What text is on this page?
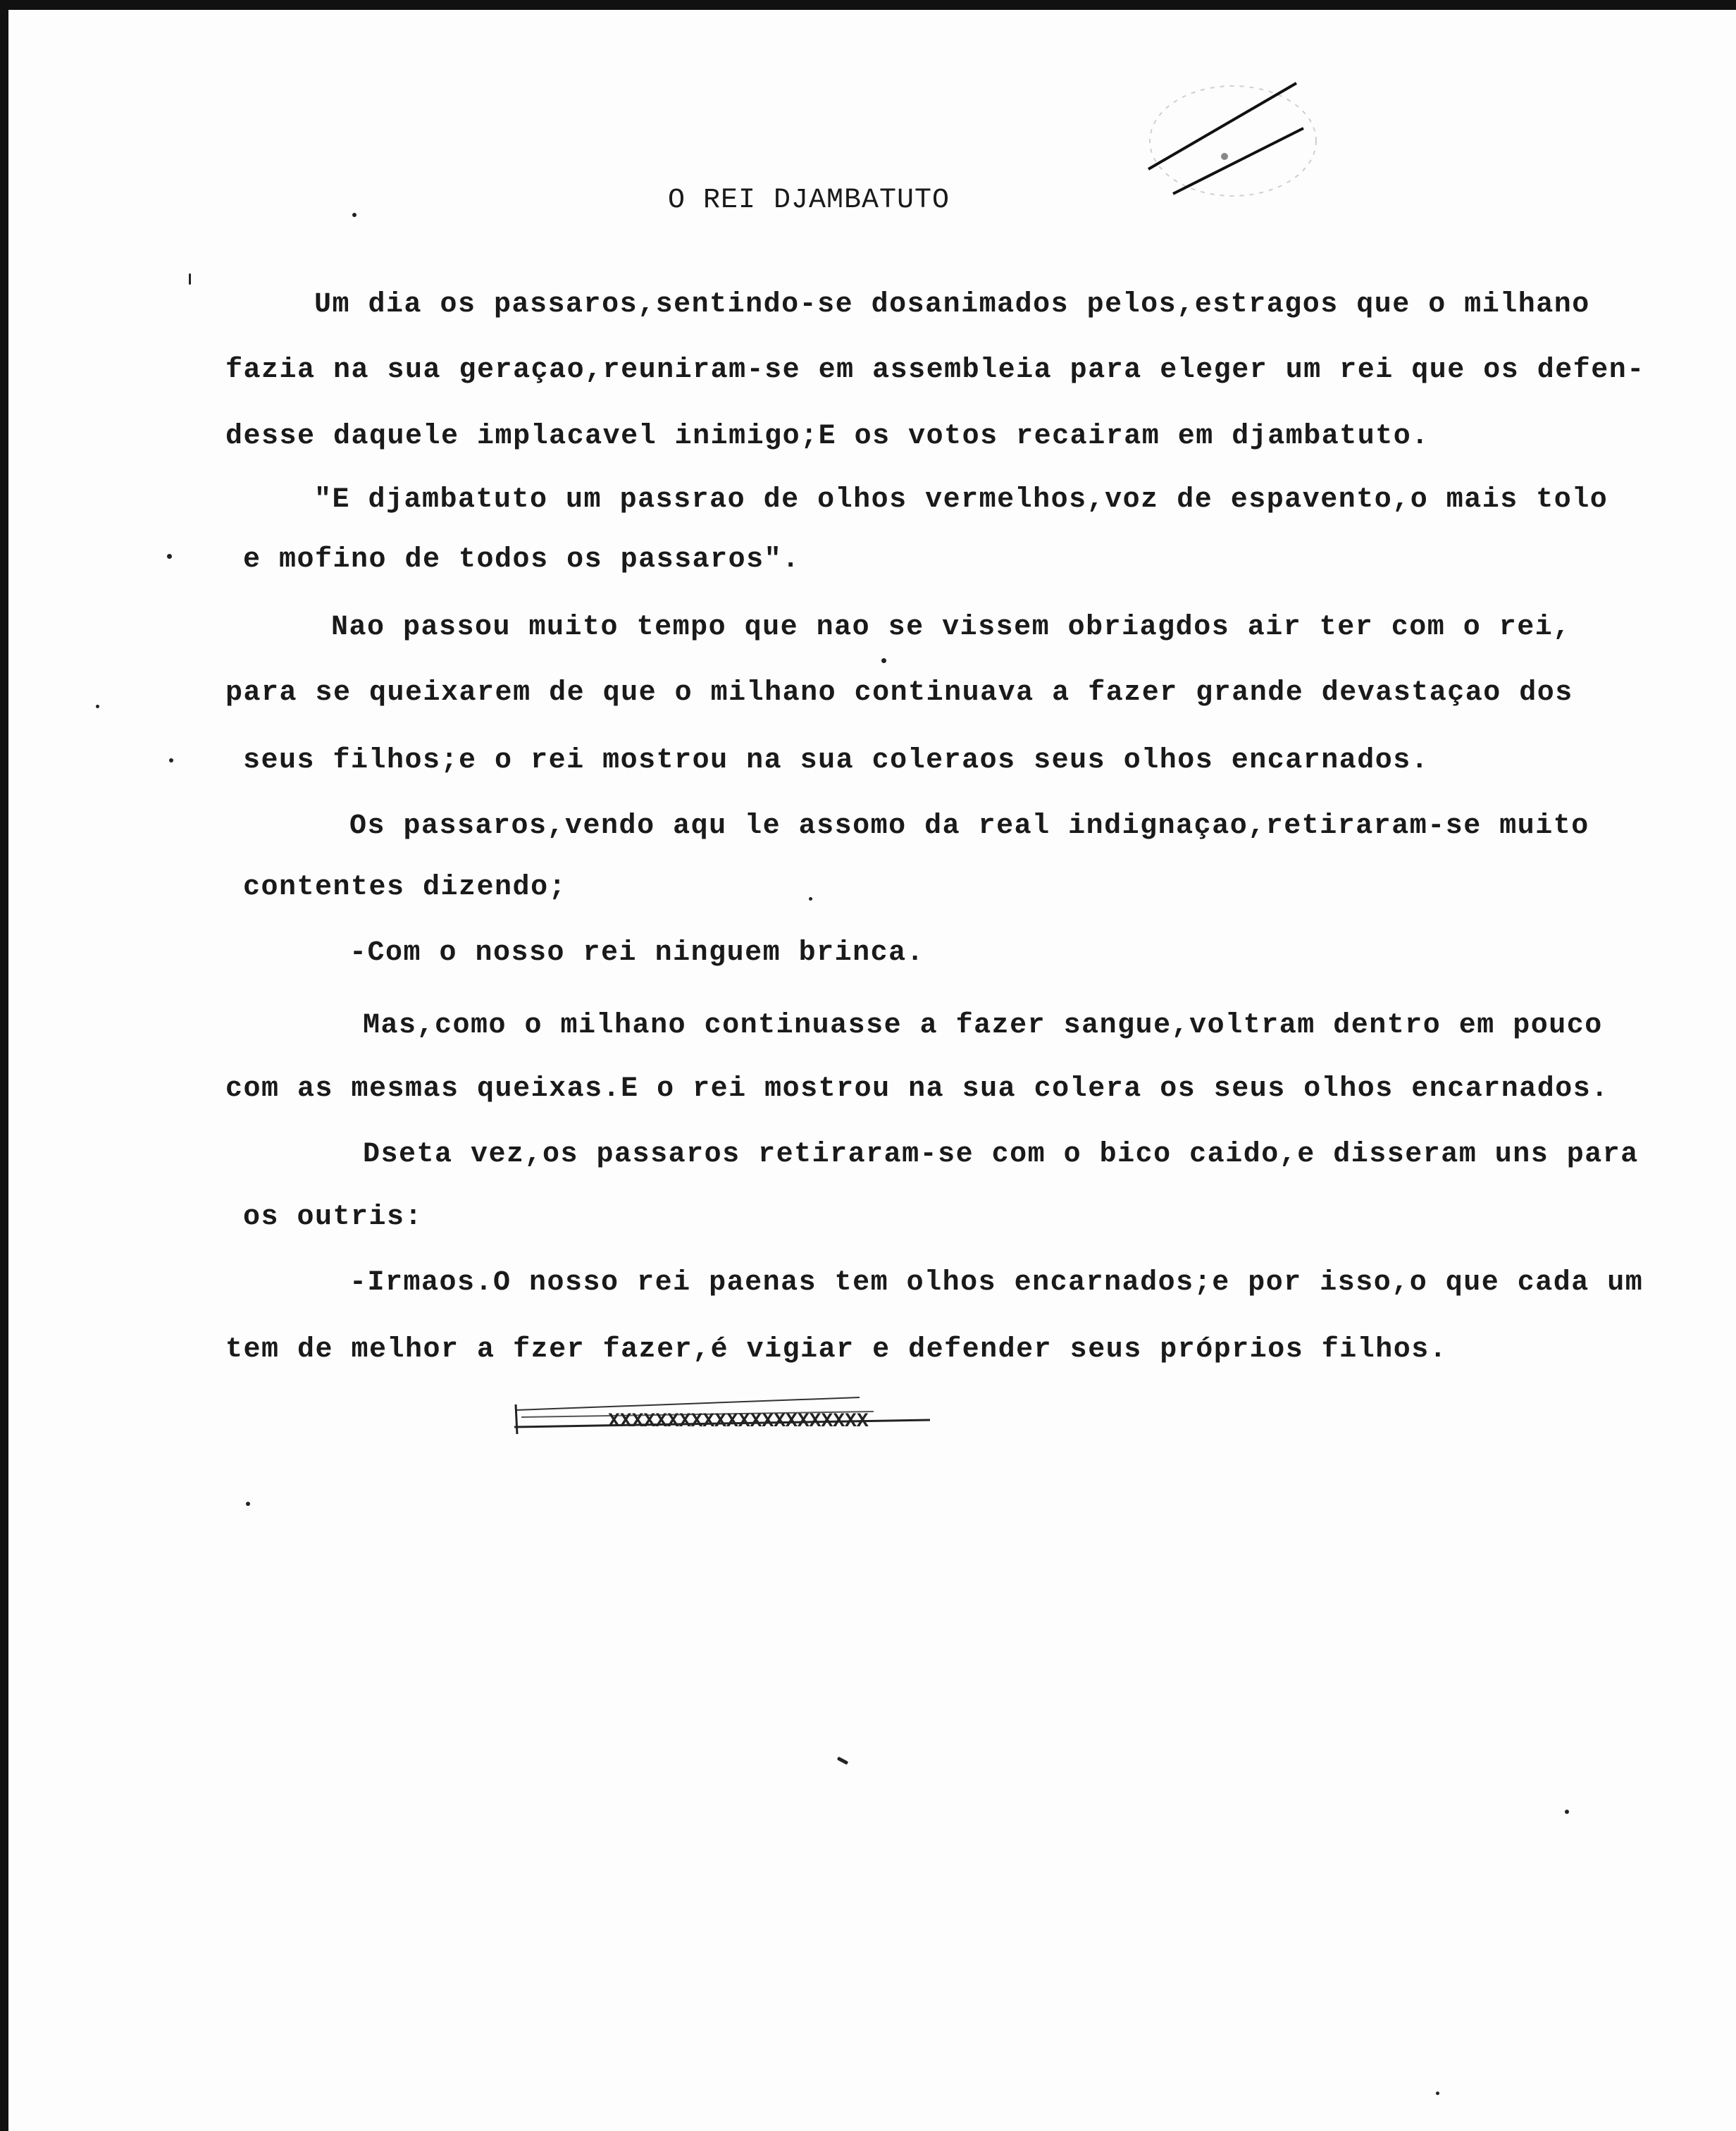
O REI DJAMBATUTO
Um dia os passaros,sentindo-se dosanimados pelos,estragos que o milhano
fazia na sua geraçao,reuniram-se em assembleia para eleger um rei que os defen-
desse daquele implacavel inimigo;E os votos recairam em djambatuto.
"E djambatuto um passrao de olhos vermelhos,voz de espavento,o mais tolo
e mofino de todos os passaros".
Nao passou muito tempo que nao se vissem obriagdos air ter com o rei,
para se queixarem de que o milhano continuava a fazer grande devastaçao dos
seus filhos;e o rei mostrou na sua coleraos seus olhos encarnados.
Os passaros,vendo aqu le assomo da real indignaçao,retiraram-se muito
contentes dizendo;
-Com o nosso rei ninguem brinca.
Mas,como o milhano continuasse a fazer sangue,voltram dentro em pouco
com as mesmas queixas.E o rei mostrou na sua colera os seus olhos encarnados.
Dseta vez,os passaros retiraram-se com o bico caido,e disseram uns para
os outris:
-Irmaos.O nosso rei paenas tem olhos encarnados;e por isso,o que cada um
tem de melhor a fzer fazer,é vigiar e defender seus próprios filhos.
XXXXXXXXXXXXXXXXXXXXXX
